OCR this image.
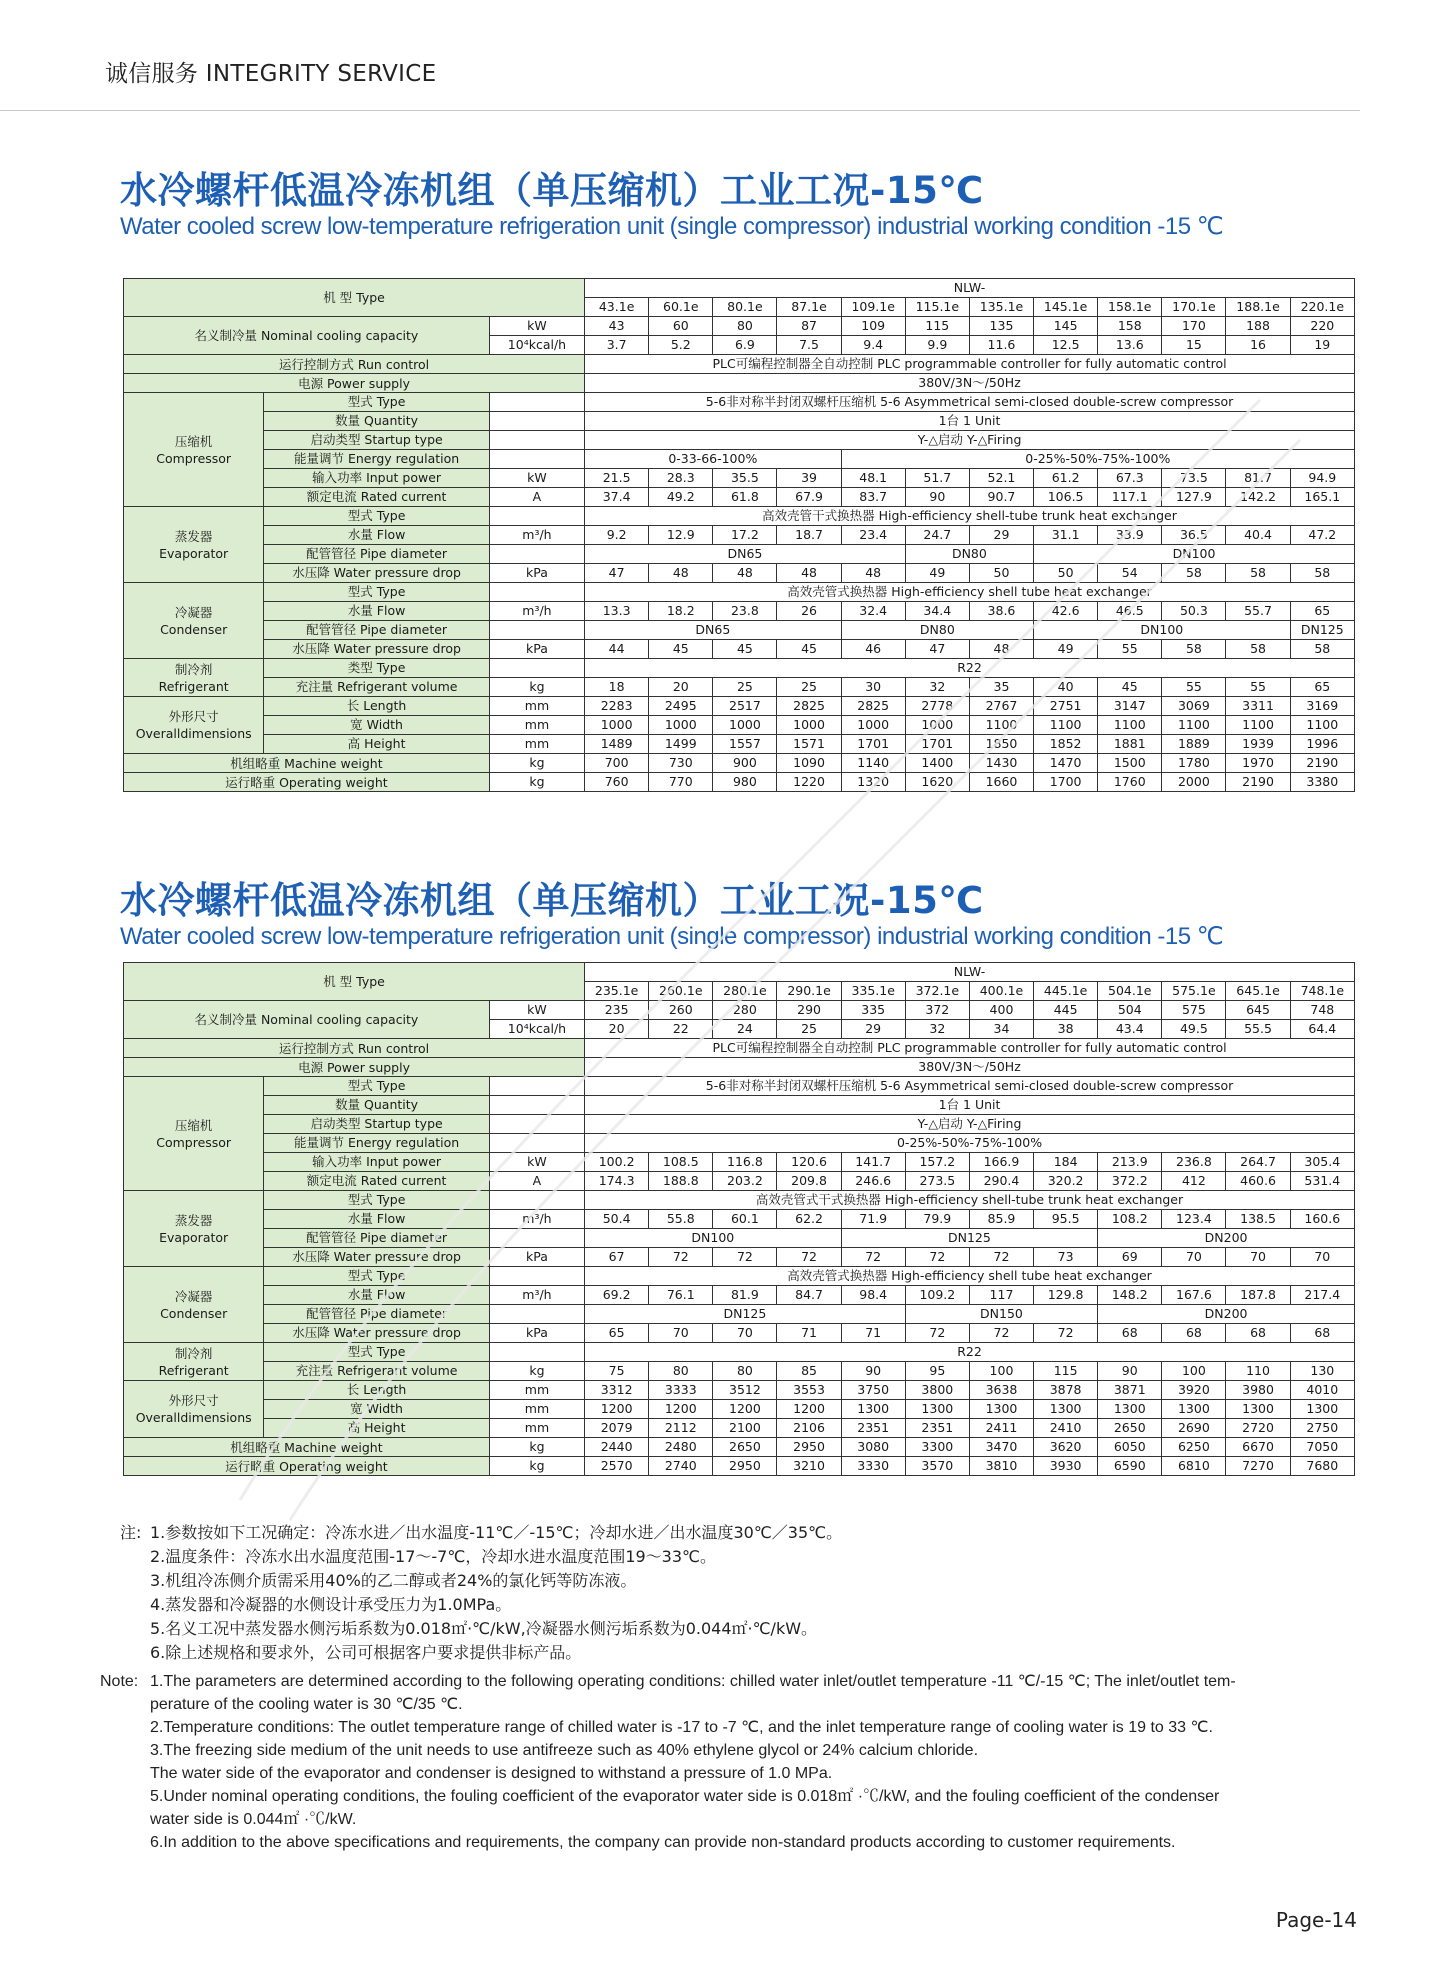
诚信服务 INTEGRITY SERVICE
水冷螺杆低温冷冻机组（单压缩机）工业工况-15℃
Water cooled screw low-temperature refrigeration unit (single compressor) industrial working condition -15 ℃
机 型 Type			NLW-											
			43.1e	60.1e	80.1e	87.1e	109.1e	115.1e	135.1e	145.1e	158.1e	170.1e	188.1e	220.1e
名义制冷量 Nominal cooling capacity		kW	43	60	80	87	109	115	135	145	158	170	188	220
		10⁴kcal/h	3.7	5.2	6.9	7.5	9.4	9.9	11.6	12.5	13.6	15	16	19
运行控制方式 Run control			PLC可编程控制器全自动控制 PLC programmable controller for fully automatic control											
电源 Power supply			380V/3N～/50Hz											

压缩机
Compressor	型式 Type		5-6非对称半封闭双螺杆压缩机 5-6 Asymmetrical semi-closed double-screw compressor											
	数量 Quantity		1台 1 Unit											
	启动类型 Startup type		Y-△启动 Y-△Firing											
	能量调节 Energy regulation		0-33-66-100%				0-25%-50%-75%-100%							
	输入功率 Input power	kW	21.5	28.3	35.5	39	48.1	51.7	52.1	61.2	67.3	73.5	81.7	94.9
	额定电流 Rated current	A	37.4	49.2	61.8	67.9	83.7	90	90.7	106.5	117.1	127.9	142.2	165.1

蒸发器
Evaporator	型式 Type		高效壳管干式换热器 High-efficiency shell-tube trunk heat exchanger											
	水量 Flow	m³/h	9.2	12.9	17.2	18.7	23.4	24.7	29	31.1	33.9	36.5	40.4	47.2
	配管管径 Pipe diameter		DN65					DN80		DN100				
	水压降 Water pressure drop	kPa	47	48	48	48	48	49	50	50	54	58	58	58

冷凝器
Condenser	型式 Type		高效壳管式换热器 High-efficiency shell tube heat exchanger											
	水量 Flow	m³/h	13.3	18.2	23.8	26	32.4	34.4	38.6	42.6	46.5	50.3	55.7	65
	配管管径 Pipe diameter		DN65				DN80			DN100				DN125
	水压降 Water pressure drop	kPa	44	45	45	45	46	47	48	49	55	58	58	58

制冷剂
Refrigerant	类型 Type		R22											
	充注量 Refrigerant volume	kg	18	20	25	25	30	32	35	40	45	55	55	65

外形尺寸
Overalldimensions	长 Length	mm	2283	2495	2517	2825	2825	2778	2767	2751	3147	3069	3311	3169
	宽 Width	mm	1000	1000	1000	1000	1000	1000	1100	1100	1100	1100	1100	1100
	高 Height	mm	1489	1499	1557	1571	1701	1701	1850	1852	1881	1889	1939	1996
机组略重 Machine weight		kg	700	730	900	1090	1140	1400	1430	1470	1500	1780	1970	2190
运行略重 Operating weight		kg	760	770	980	1220	1320	1620	1660	1700	1760	2000	2190	3380
水冷螺杆低温冷冻机组（单压缩机）工业工况-15℃
Water cooled screw low-temperature refrigeration unit (single compressor) industrial working condition -15 ℃
机 型 Type			NLW-											
			235.1e	260.1e	280.1e	290.1e	335.1e	372.1e	400.1e	445.1e	504.1e	575.1e	645.1e	748.1e
名义制冷量 Nominal cooling capacity		kW	235	260	280	290	335	372	400	445	504	575	645	748
		10⁴kcal/h	20	22	24	25	29	32	34	38	43.4	49.5	55.5	64.4
运行控制方式 Run control			PLC可编程控制器全自动控制 PLC programmable controller for fully automatic control											
电源 Power supply			380V/3N～/50Hz											

压缩机
Compressor	型式 Type		5-6非对称半封闭双螺杆压缩机 5-6 Asymmetrical semi-closed double-screw compressor											
	数量 Quantity		1台 1 Unit											
	启动类型 Startup type		Y-△启动 Y-△Firing											
	能量调节 Energy regulation		0-25%-50%-75%-100%											
	输入功率 Input power	kW	100.2	108.5	116.8	120.6	141.7	157.2	166.9	184	213.9	236.8	264.7	305.4
	额定电流 Rated current	A	174.3	188.8	203.2	209.8	246.6	273.5	290.4	320.2	372.2	412	460.6	531.4

蒸发器
Evaporator	型式 Type		高效壳管式干式换热器 High-efficiency shell-tube trunk heat exchanger											
	水量 Flow	m³/h	50.4	55.8	60.1	62.2	71.9	79.9	85.9	95.5	108.2	123.4	138.5	160.6
	配管管径 Pipe diameter		DN100				DN125				DN200			
	水压降 Water pressure drop	kPa	67	72	72	72	72	72	72	73	69	70	70	70

冷凝器
Condenser	型式 Type		高效壳管式换热器 High-efficiency shell tube heat exchanger											
	水量 Flow	m³/h	69.2	76.1	81.9	84.7	98.4	109.2	117	129.8	148.2	167.6	187.8	217.4
	配管管径 Pipe diameter		DN125					DN150			DN200			
	水压降 Water pressure drop	kPa	65	70	70	71	71	72	72	72	68	68	68	68

制冷剂
Refrigerant	型式 Type		R22											
	充注量 Refrigerant volume	kg	75	80	80	85	90	95	100	115	90	100	110	130

外形尺寸
Overalldimensions	长 Length	mm	3312	3333	3512	3553	3750	3800	3638	3878	3871	3920	3980	4010
	宽 Width	mm	1200	1200	1200	1200	1300	1300	1300	1300	1300	1300	1300	1300
	高 Height	mm	2079	2112	2100	2106	2351	2351	2411	2410	2650	2690	2720	2750
机组略重 Machine weight		kg	2440	2480	2650	2950	3080	3300	3470	3620	6050	6250	6670	7050
运行略重 Operating weight		kg	2570	2740	2950	3210	3330	3570	3810	3930	6590	6810	7270	7680
注: 1.参数按如下工况确定：冷冻水进／出水温度-11℃／-15℃；冷却水进／出水温度30℃／35℃。
2.温度条件：冷冻水出水温度范围-17～-7℃，冷却水进水温度范围19～33℃。
3.机组冷冻侧介质需采用40%的乙二醇或者24%的氯化钙等防冻液。
4.蒸发器和冷凝器的水侧设计承受压力为1.0MPa。
5.名义工况中蒸发器水侧污垢系数为0.018㎡·℃/kW,冷凝器水侧污垢系数为0.044㎡·℃/kW。
6.除上述规格和要求外，公司可根据客户要求提供非标产品。
Note: 1.The parameters are determined according to the following operating conditions: chilled water inlet/outlet temperature -11 ℃/-15 ℃; The inlet/outlet tem-
perature of the cooling water is 30 ℃/35 ℃.
2.Temperature conditions: The outlet temperature range of chilled water is -17 to -7 ℃, and the inlet temperature range of cooling water is 19 to 33 ℃.
3.The freezing side medium of the unit needs to use antifreeze such as 40% ethylene glycol or 24% calcium chloride.
The water side of the evaporator and condenser is designed to withstand a pressure of 1.0 MPa.
5.Under nominal operating conditions, the fouling coefficient of the evaporator water side is 0.018㎡ ·℃/kW, and the fouling coefficient of the condenser
water side is 0.044㎡ ·℃/kW.
6.In addition to the above specifications and requirements, the company can provide non-standard products according to customer requirements.
Page-14
